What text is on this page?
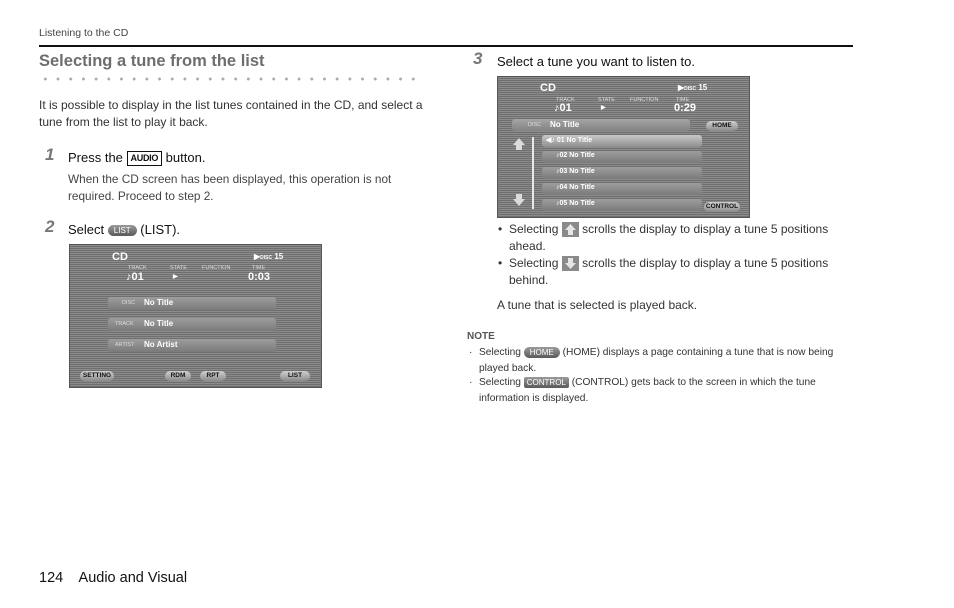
Listening to the CD
Selecting a tune from the list
It is possible to display in the list tunes contained in the CD, and select a tune from the list to play it back.
1 Press the AUDIO button.
When the CD screen has been displayed, this operation is not required. Proceed to step 2.
2 Select LIST (LIST).
CD	▶DISC 15
TRACK	STATE	FUNCTION	TIME
♪01	▶	0:03
DISC No Title
TRACK No Title
ARTIST No Artist
SETTING	RDM	RPT	LIST
3 Select a tune you want to listen to.
CD	▶DISC 15
TRACK	STATE	FUNCTION	TIME
♪01	▶	0:29
DISC No Title	HOME
◀♪ 01 No Title
♪02 No Title
♪03 No Title
♪04 No Title
♪05 No Title	CONTROL
• Selecting scrolls the display to display a tune 5 positions ahead.
• Selecting scrolls the display to display a tune 5 positions behind.
A tune that is selected is played back.
NOTE
· Selecting HOME (HOME) displays a page containing a tune that is now being played back.
· Selecting CONTROL (CONTROL) gets back to the screen in which the tune information is displayed.
124 Audio and Visual
